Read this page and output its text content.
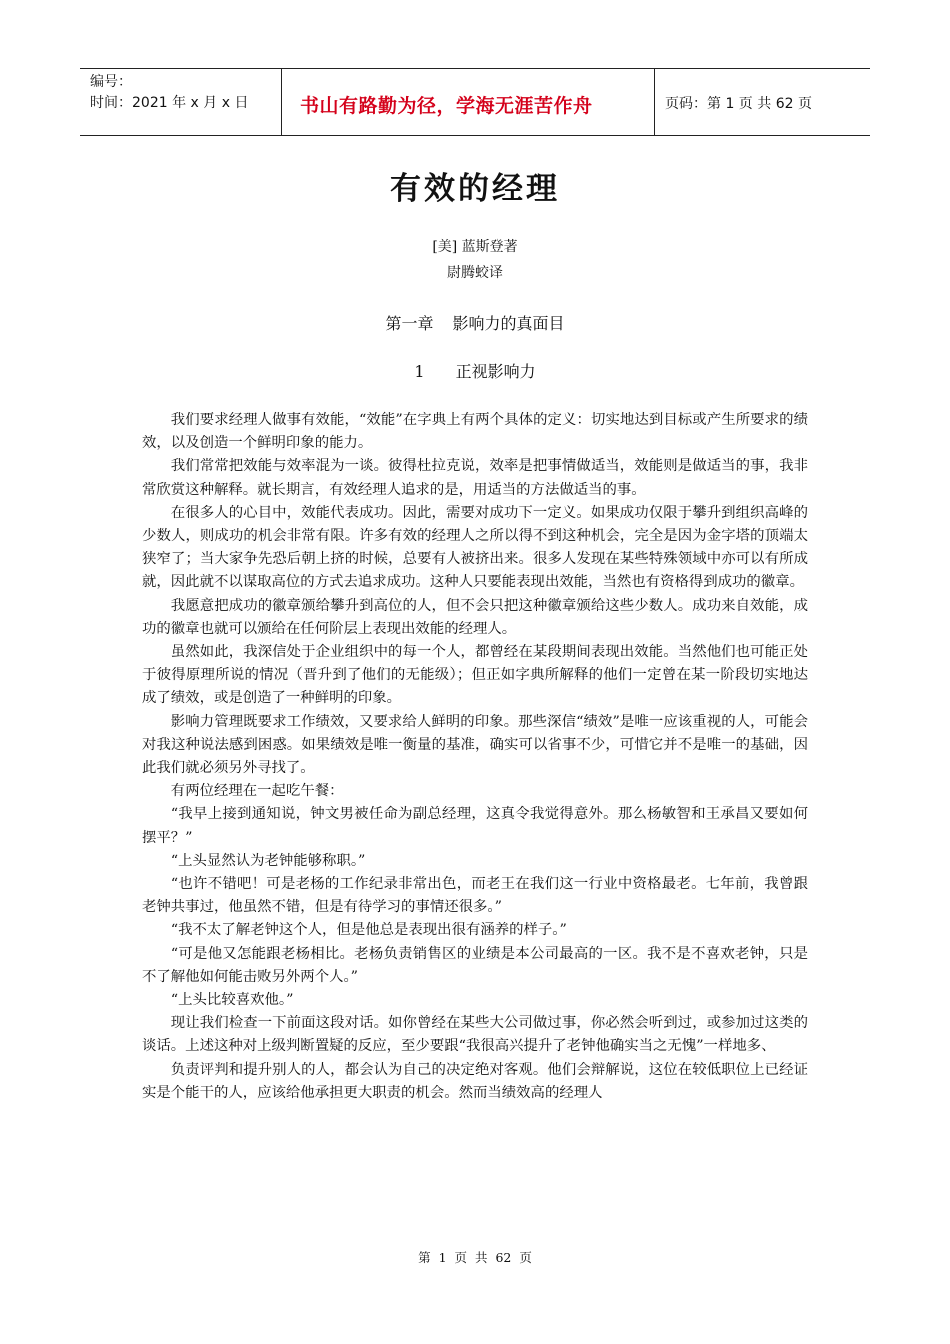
编号：
时间：2021 年 x 月 x 日	书山有路勤为径，学海无涯苦作舟	页码：第 1 页 共 62 页
有效的经理
[美] 蓝斯登著
尉腾蛟译
第一章 影响力的真面目
1 正视影响力

我们要求经理人做事有效能，“效能”在字典上有两个具体的定义：切实地达到目标或产生所要求的绩效，以及创造一个鲜明印象的能力。

我们常常把效能与效率混为一谈。彼得杜拉克说，效率是把事情做适当，效能则是做适当的事，我非常欣赏这种解释。就长期言，有效经理人追求的是，用适当的方法做适当的事。

在很多人的心目中，效能代表成功。因此，需要对成功下一定义。如果成功仅限于攀升到组织高峰的少数人，则成功的机会非常有限。许多有效的经理人之所以得不到这种机会，完全是因为金字塔的顶端太狭窄了；当大家争先恐后朝上挤的时候，总要有人被挤出来。很多人发现在某些特殊领域中亦可以有所成就，因此就不以谋取高位的方式去追求成功。这种人只要能表现出效能，当然也有资格得到成功的徽章。

我愿意把成功的徽章颁给攀升到高位的人，但不会只把这种徽章颁给这些少数人。成功来自效能，成功的徽章也就可以颁给在任何阶层上表现出效能的经理人。

虽然如此，我深信处于企业组织中的每一个人，都曾经在某段期间表现出效能。当然他们也可能正处于彼得原理所说的情况（晋升到了他们的无能级）；但正如字典所解释的他们一定曾在某一阶段切实地达成了绩效，或是创造了一种鲜明的印象。

影响力管理既要求工作绩效，又要求给人鲜明的印象。那些深信“绩效”是唯一应该重视的人，可能会对我这种说法感到困惑。如果绩效是唯一衡量的基准，确实可以省事不少，可惜它并不是唯一的基础，因此我们就必须另外寻找了。

有两位经理在一起吃午餐：

“我早上接到通知说，钟文男被任命为副总经理，这真令我觉得意外。那么杨敏智和王承昌又要如何摆平？”

“上头显然认为老钟能够称职。”

“也许不错吧！可是老杨的工作纪录非常出色，而老王在我们这一行业中资格最老。七年前，我曾跟老钟共事过，他虽然不错，但是有待学习的事情还很多。”

“我不太了解老钟这个人，但是他总是表现出很有涵养的样子。”

“可是他又怎能跟老杨相比。老杨负责销售区的业绩是本公司最高的一区。我不是不喜欢老钟，只是不了解他如何能击败另外两个人。”

“上头比较喜欢他。”

现让我们检查一下前面这段对话。如你曾经在某些大公司做过事，你必然会听到过，或参加过这类的谈话。上述这种对上级判断置疑的反应，至少要跟“我很高兴提升了老钟他确实当之无愧”一样地多、

负责评判和提升别人的人，都会认为自己的决定绝对客观。他们会辩解说，这位在较低职位上已经证实是个能干的人，应该给他承担更大职责的机会。然而当绩效高的经理人

第 1 页 共 62 页
